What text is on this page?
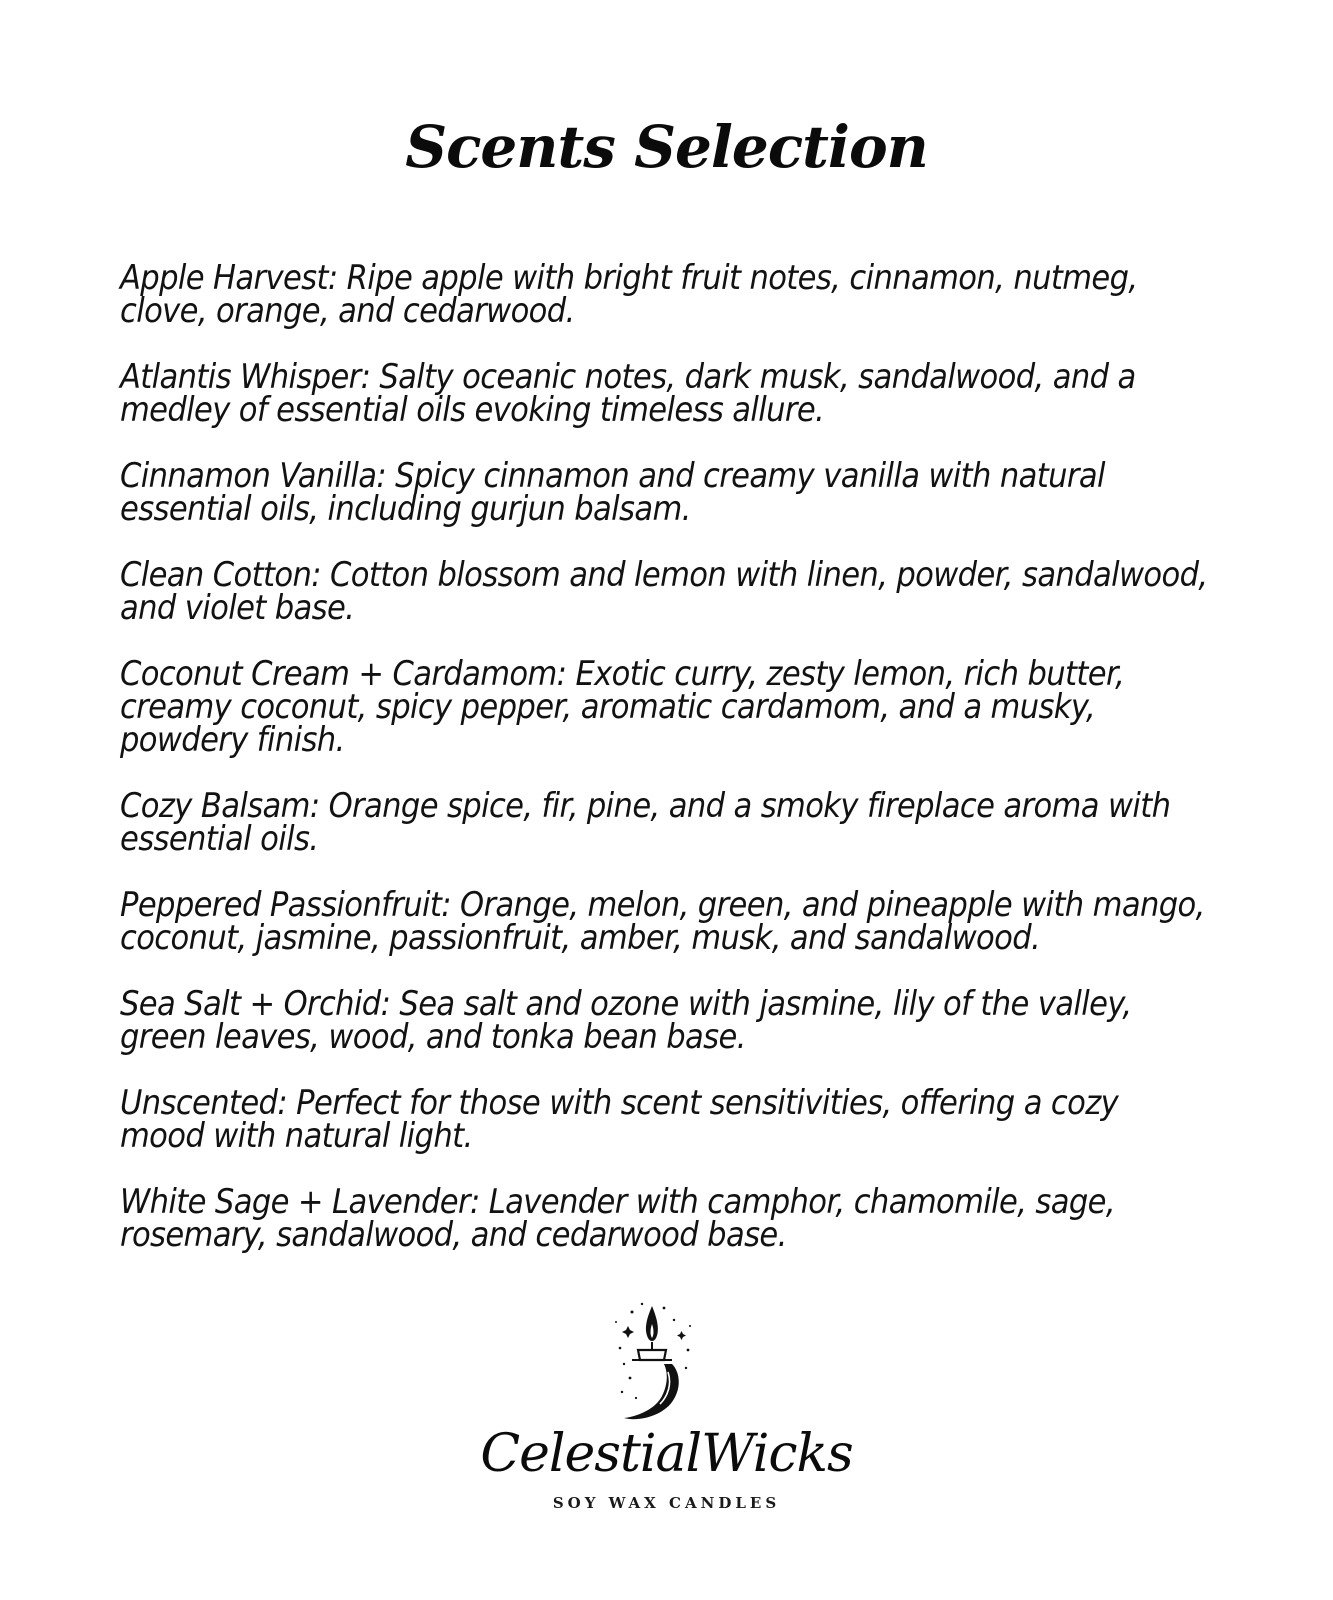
Scents Selection

Apple Harvest: Ripe apple with bright fruit notes, cinnamon, nutmeg, clove, orange, and cedarwood.

Atlantis Whisper: Salty oceanic notes, dark musk, sandalwood, and a medley of essential oils evoking timeless allure.

Cinnamon Vanilla: Spicy cinnamon and creamy vanilla with natural essential oils, including gurjun balsam.

Clean Cotton: Cotton blossom and lemon with linen, powder, sandalwood, and violet base.

Coconut Cream + Cardamom: Exotic curry, zesty lemon, rich butter, creamy coconut, spicy pepper, aromatic cardamom, and a musky, powdery finish.

Cozy Balsam: Orange spice, fir, pine, and a smoky fireplace aroma with essential oils.

Peppered Passionfruit: Orange, melon, green, and pineapple with mango, coconut, jasmine, passionfruit, amber, musk, and sandalwood.

Sea Salt + Orchid: Sea salt and ozone with jasmine, lily of the valley, green leaves, wood, and tonka bean base.

Unscented: Perfect for those with scent sensitivities, offering a cozy mood with natural light.

White Sage + Lavender: Lavender with camphor, chamomile, sage, rosemary, sandalwood, and cedarwood base.

CelestialWicks
SOY WAX CANDLES
